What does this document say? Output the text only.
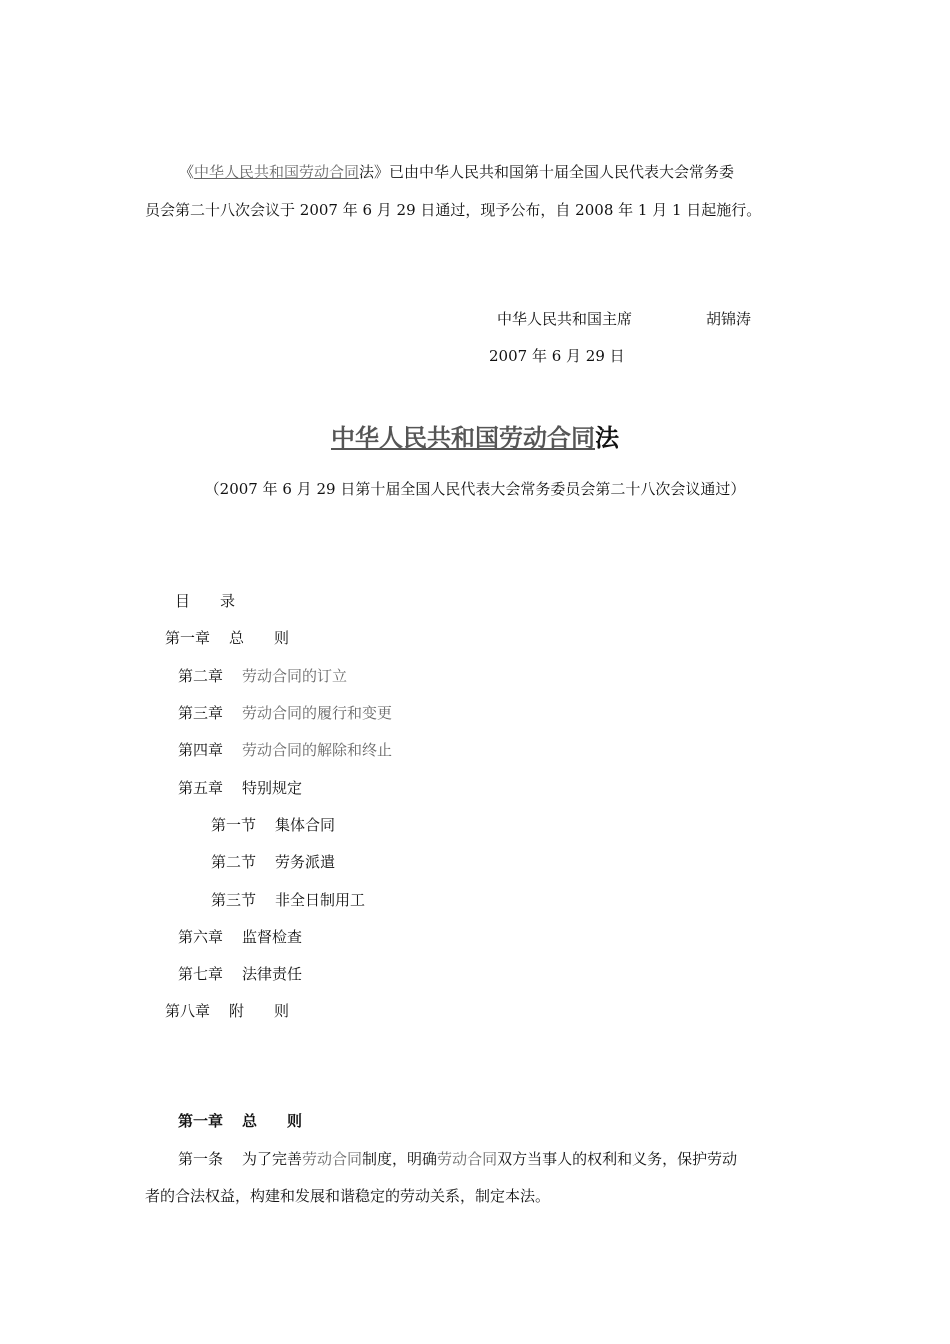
《中华人民共和国劳动合同法》已由中华人民共和国第十届全国人民代表大会常务委
员会第二十八次会议于 2007 年 6 月 29 日通过，现予公布，自 2008 年 1 月 1 日起施行。
中华人民共和国主席	胡锦涛
2007 年 6 月 29 日
中华人民共和国劳动合同法
（2007 年 6 月 29 日第十届全国人民代表大会常务委员会第二十八次会议通过）
目　　录
第一章 总　　则
第二章 劳动合同的订立
第三章 劳动合同的履行和变更
第四章 劳动合同的解除和终止
第五章 特别规定
第一节 集体合同
第二节 劳务派遣
第三节 非全日制用工
第六章 监督检查
第七章 法律责任
第八章 附　　则
第一章 总　　则
第一条 为了完善劳动合同制度，明确劳动合同双方当事人的权利和义务，保护劳动
者的合法权益，构建和发展和谐稳定的劳动关系，制定本法。
